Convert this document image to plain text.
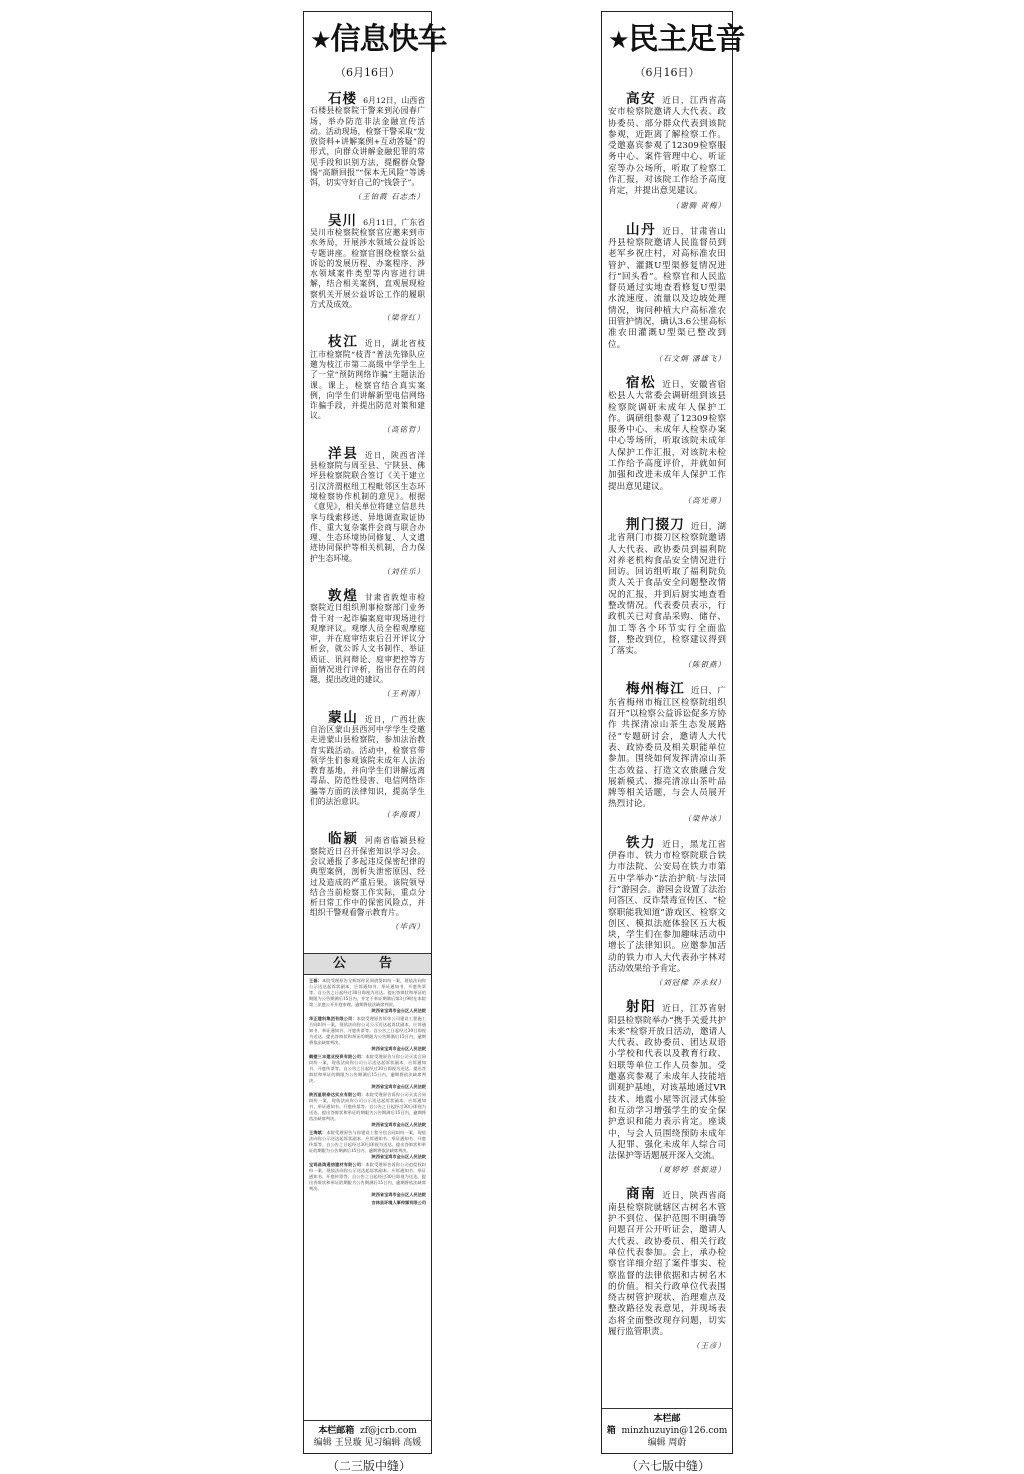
★信息快车
（6月16日）
石楼 6月12日，山西省石楼县检察院干警来到沁园春广场，举办防范非法金融宣传活动。活动现场，检察干警采取“发放资料+讲解案例+互动答疑”的形式，向群众讲解金融犯罪的常见手段和识别方法，提醒群众警惕“高额回报”“保本无风险”等诱饵，切实守好自己的“钱袋子”。
（王铂霞 石志杰）
吴川 6月11日，广东省吴川市检察院检察官应邀来到市水务局，开展涉水领域公益诉讼专题讲座。检察官围绕检察公益诉讼的发展历程、办案程序、涉水领域案件类型等内容进行讲解，结合相关案例，直观展现检察机关开展公益诉讼工作的履职方式及成效。
（梁誉红）
枝江 近日，湖北省枝江市检察院“枝青”普法先锋队应邀为枝江市第二高级中学学生上了一堂“预防网络诈骗”主题法治课。课上，检察官结合真实案例，向学生们讲解新型电信网络诈骗手段，并提出防范对策和建议。
（高铭哲）
洋县 近日，陕西省洋县检察院与周至县、宁陕县、佛坪县检察院联合签订《关于建立引汉济渭枢纽工程毗邻区生态环境检察协作机制的意见》。根据《意见》，相关单位将建立信息共享与线索移送、异地调查取证协作、重大复杂案件会商与联合办理、生态环境协同修复、人文遗迹协同保护等相关机制，合力保护生态环境。
（刘佳乐）
敦煌 甘肃省敦煌市检察院近日组织刑事检察部门业务骨干对一起诈骗案庭审现场进行观摩评议。观摩人员全程观摩庭审，并在庭审结束后召开评议分析会，就公诉人文书制作、举证质证、讯问辩论、庭审把控等方面情况进行评析，指出存在的问题，提出改进的建议。
（王利海）
蒙山 近日，广西壮族自治区蒙山县西河中学学生受邀走进蒙山县检察院，参加法治教育实践活动。活动中，检察官带领学生们参观该院未成年人法治教育基地，并向学生们讲解远离毒品、防范性侵害、电信网络诈骗等方面的法律知识，提高学生们的法治意识。
（李海霞）
临颍 河南省临颍县检察院近日召开保密知识学习会。会议通报了多起违反保密纪律的典型案例，剖析失泄密原因、经过及造成的严重后果。该院领导结合当前检察工作实际，重点分析日常工作中的保密风险点，并组织干警观看警示教育片。
（毕西）
公　告
王磊：本院受理原告全辉诉你民间借贷纠纷一案，现依法向你公示送达起诉状副本、应诉通知书、举证通知书、开庭传票等。自公告之日起经过30日即视为送达。提出答辩状和举证的期限为公告期满后15日内，并定于举证期满后第3日9时在本院第三法庭公开开庭审理，逾期将依法缺席判决。
陕西省宝鸡市金台区人民法院
华正建科集团有限公司：本院受理原告诉你公司建设工程施工合同纠纷一案，现依法向你公司公示送达起诉状副本、应诉通知书、举证通知书、开庭传票等。自公告之日起经过30日即视为送达。提出答辩状和举证的期限为公告期满后15日内，逾期将依法缺席判决。
陕西省宝鸡市金台区人民法院
鹤壁三丰建业投资有限公司：本院受理原告与你公司买卖合同纠纷一案，现依法向你公司公示送达起诉状副本、应诉通知书、开庭传票等。自公告之日起经过30日即视为送达。提出答辩状和举证的期限为公告期满后15日内，逾期将依法缺席判决。
陕西省宝鸡市金台区人民法院
陕西星联泰达实业有限公司：本院受理原告诉你公司买卖合同纠纷一案，现依法向你公司公示送达起诉状副本、应诉通知书、举证通知书、开庭传票等。自公告之日起经过30日即视为送达。提出答辩状和举证的期限为公告期满后15日内，逾期将依法缺席判决。
陕西省宝鸡市金台区人民法院
王海斌：本院受理原告与你建设工程分包合同纠纷一案，现依法向你公示送达起诉状副本、应诉通知书、举证通知书、开庭传票等。自公告之日起经过30日即视为送达。提出答辩状和举证的期限为公告期满后15日内，逾期将依法缺席判决。
陕西省宝鸡市金台区人民法院
宝鸡昌鸿通信建材有限公司：本院受理原告诉你公司追偿权纠纷一案，现依法向你公示送达起诉状副本、应诉通知书、举证通知书、开庭传票等。自公告之日起经过30日即视为送达。提出答辩状和举证的期限为公告期满后15日内，逾期将依法缺席判决。
陕西省宝鸡市金台区人民法院
吉林县环境人事传媒有限公司
本栏邮箱 zf@jcrb.com
编辑 王昱璇 见习编辑 高媛
（二三版中缝）
★民主足音
（6月16日）
高安 近日，江西省高安市检察院邀请人大代表、政协委员、部分群众代表到该院参观，近距离了解检察工作。受邀嘉宾参观了12309检察服务中心、案件管理中心、听证室等办公场所，听取了检察工作汇报，对该院工作给予高度肯定，并提出意见建议。
（谢腾 黄梅）
山丹 近日，甘肃省山丹县检察院邀请人民监督员到老军乡祝庄村，对高标准农田管护、灌溉U型渠修复情况进行“回头看”。检察官和人民监督员通过实地查看修复U型渠水流速度、流量以及边坡处理情况，询问种植大户高标准农田管护情况，确认3.6公里高标准农田灌溉U型渠已整改到位。
（石文炯 潘雄飞）
宿松 近日，安徽省宿松县人大常委会调研组到该县检察院调研未成年人保护工作。调研组参观了12309检察服务中心、未成年人检察办案中心等场所，听取该院未成年人保护工作汇报，对该院未检工作给予高度评价，并就如何加强和改进未成年人保护工作提出意见建议。
（高光勇）
荆门掇刀 近日，湖北省荆门市掇刀区检察院邀请人大代表、政协委员到福利院对养老机构食品安全情况进行回访。回访组听取了福利院负责人关于食品安全问题整改情况的汇报，并到后厨实地查看整改情况。代表委员表示，行政机关已对食品采购、储存、加工等各个环节实行全面监督，整改到位，检察建议得到了落实。
（陈银燕）
梅州梅江 近日，广东省梅州市梅江区检察院组织召开“以检察公益诉讼促多方协作 共探清凉山茶生态发展路径”专题研讨会，邀请人大代表、政协委员及相关职能单位参加。围绕如何发挥清凉山茶生态效益、打造文农旅融合发展新模式、擦亮清凉山茶叶品牌等相关话题，与会人员展开热烈讨论。
（梁仲冰）
铁力 近日，黑龙江省伊春市、铁力市检察院联合铁力市法院、公安局在铁力市第五中学举办“法治护航·与法同行”游园会。游园会设置了法治问答区、反诈禁毒宣传区、“检察职能我知道”游戏区、检察文创区、模拟法庭体验区五大板块，学生们在参加趣味活动中增长了法律知识。应邀参加活动的铁力市人大代表孙宇林对活动效果给予肯定。
（刘冠樑 乔永权）
射阳 近日，江苏省射阳县检察院举办“携手关爱共护未来”检察开放日活动，邀请人大代表、政协委员、团达双语小学校和代表以及教育行政、妇联等单位工作人员参加。受邀嘉宾参观了未成年人技能培训观护基地，对该基地通过VR技术、地震小屋等沉浸式体验和互动学习增强学生的安全保护意识和能力表示肯定。座谈中，与会人员围绕预防未成年人犯罪、强化未成年人综合司法保护等话题展开深入交流。
（夏婷婷 蔡振进）
商南 近日，陕西省商南县检察院就辖区古树名木管护不到位、保护范围不明确等问题召开公开听证会，邀请人大代表、政协委员、相关行政单位代表参加。会上，承办检察官详细介绍了案件事实、检察监督的法律依据和古树名木的价值。相关行政单位代表围绕古树管护现状、治理难点及整改路径发表意见，并现场表态将全面整改现存问题，切实履行监管职责。
（王彦）
本栏邮箱 minzhuzuyin@126.com
编辑 周蔚
（六七版中缝）
